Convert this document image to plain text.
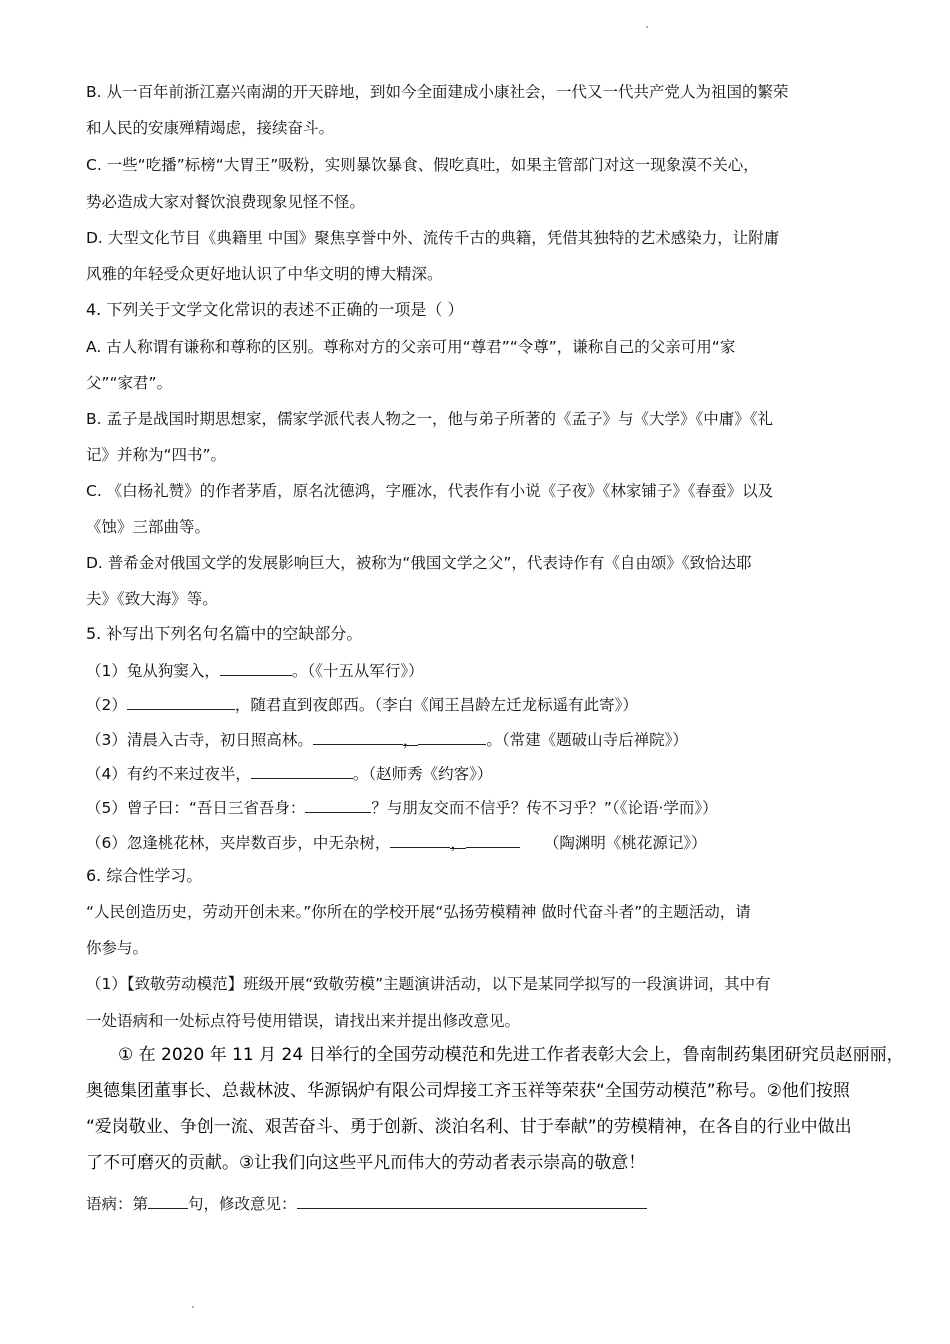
B. 从一百年前浙江嘉兴南湖的开天辟地，到如今全面建成小康社会，一代又一代共产党人为祖国的繁荣
和人民的安康殚精竭虑，接续奋斗。
C. 一些“吃播”标榜“大胃王”吸粉，实则暴饮暴食、假吃真吐，如果主管部门对这一现象漠不关心，
势必造成大家对餐饮浪费现象见怪不怪。
D. 大型文化节目《典籍里 中国》聚焦享誉中外、流传千古的典籍，凭借其独特的艺术感染力，让附庸
风雅的年轻受众更好地认识了中华文明的博大精深。
4. 下列关于文学文化常识的表述不正确的一项是（ ）
A. 古人称谓有谦称和尊称的区别。尊称对方的父亲可用“尊君”“令尊”，谦称自己的父亲可用“家
父”“家君”。
B. 孟子是战国时期思想家，儒家学派代表人物之一，他与弟子所著的《孟子》与《大学》《中庸》《礼
记》并称为“四书”。
C. 《白杨礼赞》的作者茅盾，原名沈德鸿，字雁冰，代表作有小说《子夜》《林家铺子》《春蚕》以及
《蚀》三部曲等。
D. 普希金对俄国文学的发展影响巨大，被称为“俄国文学之父”，代表诗作有《自由颂》《致恰达耶
夫》《致大海》等。
5. 补写出下列名句名篇中的空缺部分。
（1）兔从狗窦入，	。（《十五从军行》）
（2）	，随君直到夜郎西。（李白《闻王昌龄左迁龙标遥有此寄》）
（3）清晨入古寺，初日照高林。	，	。（常建《题破山寺后禅院》）
（4）有约不来过夜半，	。（赵师秀《约客》）
（5）曾子曰：“吾日三省吾身：	？与朋友交而不信乎？传不习乎？”（《论语·学而》）
（6）忽逢桃花林，夹岸数百步，中无杂树，	，	（陶渊明《桃花源记》）
6. 综合性学习。
“人民创造历史，劳动开创未来。”你所在的学校开展“弘扬劳模精神 做时代奋斗者”的主题活动，请
你参与。
（1）【致敬劳动模范】班级开展“致敬劳模”主题演讲活动，以下是某同学拟写的一段演讲词，其中有
一处语病和一处标点符号使用错误，请找出来并提出修改意见。
① 在 2020 年 11 月 24 日举行的全国劳动模范和先进工作者表彰大会上，鲁南制药集团研究员赵丽丽，
奥德集团董事长、总裁林波、华源锅炉有限公司焊接工齐玉祥等荣获“全国劳动模范”称号。②他们按照
“爱岗敬业、争创一流、艰苦奋斗、勇于创新、淡泊名利、甘于奉献”的劳模精神，在各自的行业中做出
了不可磨灭的贡献。③让我们向这些平凡而伟大的劳动者表示崇高的敬意！
语病：第	句，修改意见：
